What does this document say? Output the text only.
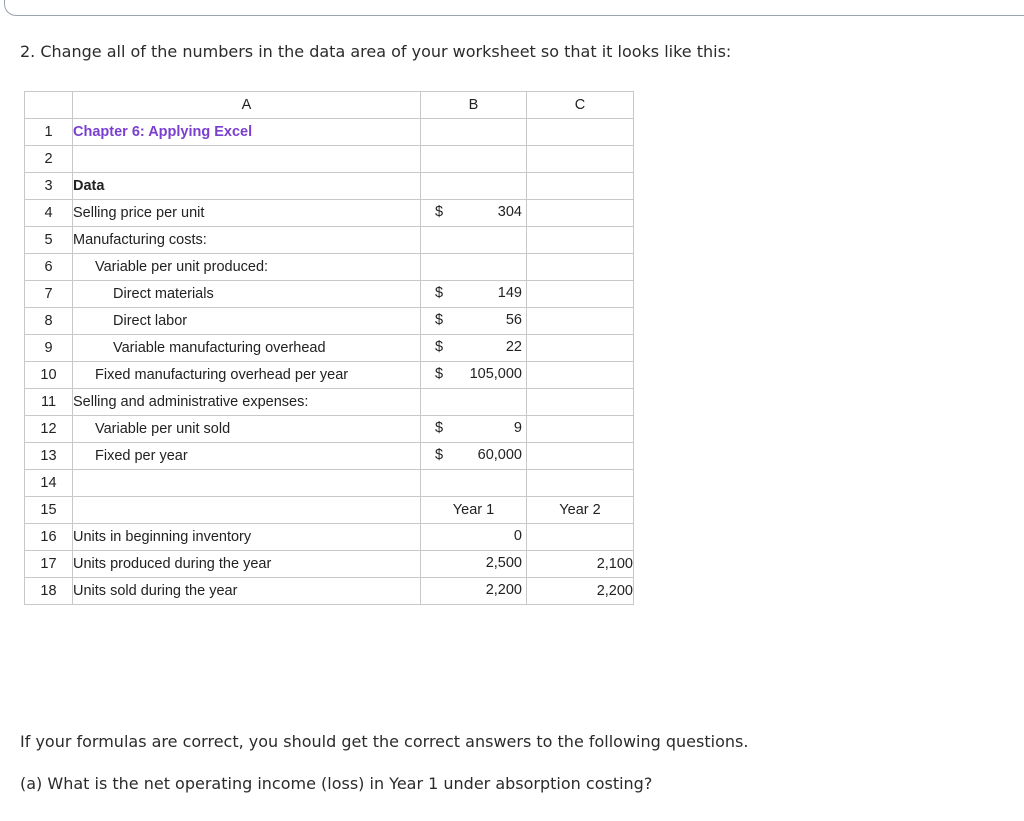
2. Change all of the numbers in the data area of your worksheet so that it looks like this:
	A	B	C
1	Chapter 6: Applying Excel		
2			
3	Data		
4	Selling price per unit	$ 304	

5	Manufacturing costs:		
6	Variable per unit produced:		
7	Direct materials	$ 149	

8	Direct labor	$ 56	

9	Variable manufacturing overhead	$ 22	

10	Fixed manufacturing overhead per year	$ 105,000	

11	Selling and administrative expenses:		
12	Variable per unit sold	$ 9	

13	Fixed per year	$ 60,000	

14			
15		Year 1	Year 2

16	Units in beginning inventory	0	

17	Units produced during the year	2,500	2,100
18	Units sold during the year	2,200	2,200
If your formulas are correct, you should get the correct answers to the following questions.
(a) What is the net operating income (loss) in Year 1 under absorption costing?
